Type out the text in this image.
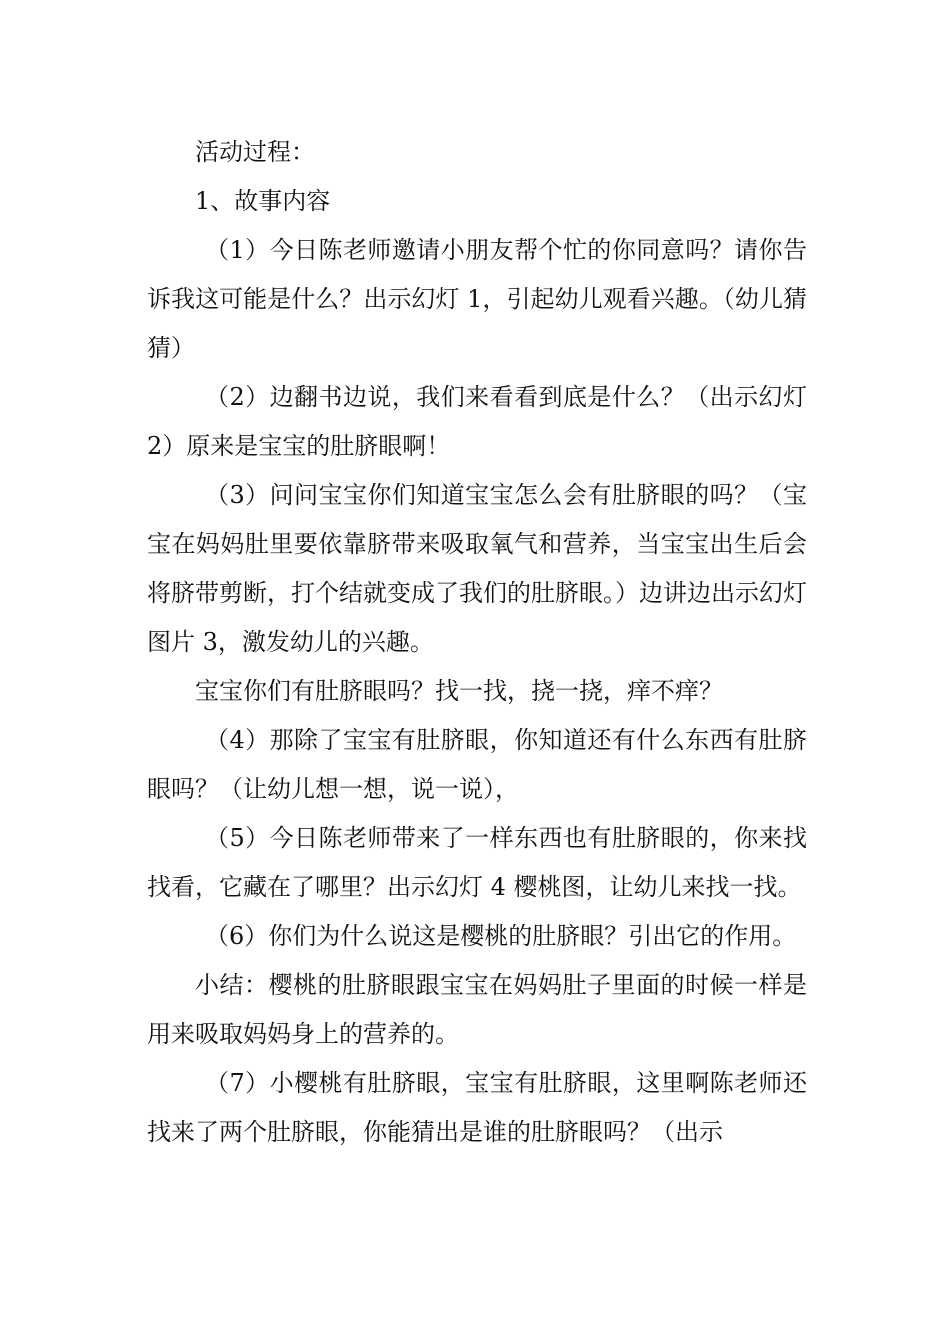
活动过程：

1、故事内容

（1）今日陈老师邀请小朋友帮个忙的你同意吗？请你告诉我这可能是什么？出示幻灯 1，引起幼儿观看兴趣。（幼儿猜猜）

（2）边翻书边说，我们来看看到底是什么？（出示幻灯 2）原来是宝宝的肚脐眼啊！

（3）问问宝宝你们知道宝宝怎么会有肚脐眼的吗？（宝宝在妈妈肚里要依靠脐带来吸取氧气和营养，当宝宝出生后会将脐带剪断，打个结就变成了我们的肚脐眼。）边讲边出示幻灯图片 3，激发幼儿的兴趣。

宝宝你们有肚脐眼吗？找一找，挠一挠，痒不痒？

（4）那除了宝宝有肚脐眼，你知道还有什么东西有肚脐眼吗？（让幼儿想一想，说一说），

（5）今日陈老师带来了一样东西也有肚脐眼的，你来找找看，它藏在了哪里？出示幻灯 4 樱桃图，让幼儿来找一找。

（6）你们为什么说这是樱桃的肚脐眼？引出它的作用。

小结：樱桃的肚脐眼跟宝宝在妈妈肚子里面的时候一样是用来吸取妈妈身上的营养的。

（7）小樱桃有肚脐眼，宝宝有肚脐眼，这里啊陈老师还找来了两个肚脐眼，你能猜出是谁的肚脐眼吗？（出示
